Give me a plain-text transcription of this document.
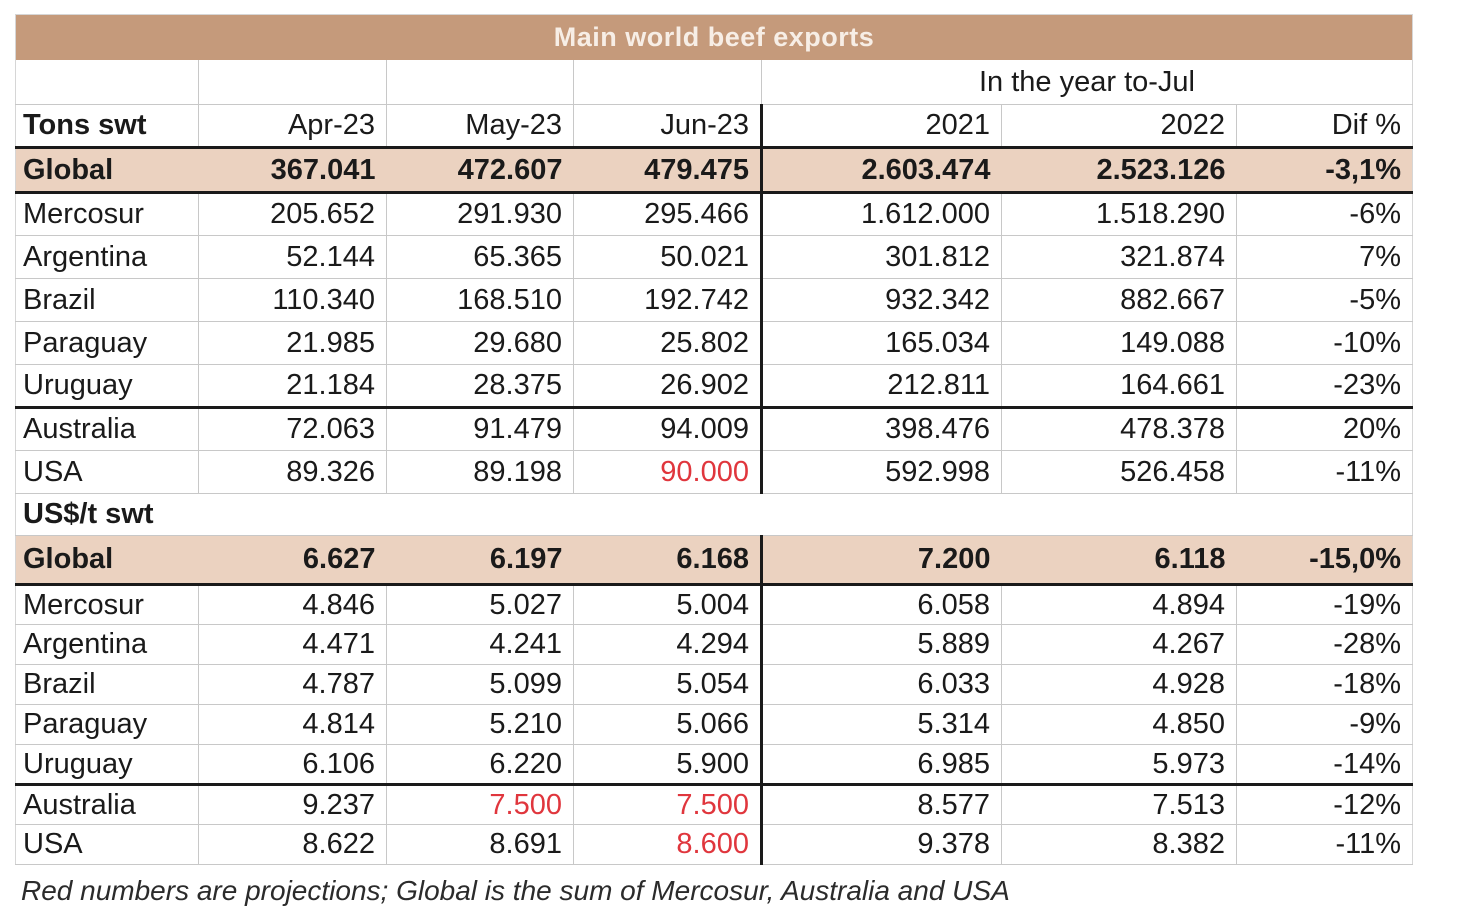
Main world beef exports						
				In the year to-Jul		
Tons swt	Apr-23	May-23	Jun-23	2021	2022	Dif %
Global	367.041	472.607	479.475	2.603.474	2.523.126	-3,1%
Mercosur	205.652	291.930	295.466	1.612.000	1.518.290	-6%
Argentina	52.144	65.365	50.021	301.812	321.874	7%
Brazil	110.340	168.510	192.742	932.342	882.667	-5%
Paraguay	21.985	29.680	25.802	165.034	149.088	-10%
Uruguay	21.184	28.375	26.902	212.811	164.661	-23%
Australia	72.063	91.479	94.009	398.476	478.378	20%
USA	89.326	89.198	90.000	592.998	526.458	-11%
US$/t swt						
Global	6.627	6.197	6.168	7.200	6.118	-15,0%
Mercosur	4.846	5.027	5.004	6.058	4.894	-19%
Argentina	4.471	4.241	4.294	5.889	4.267	-28%
Brazil	4.787	5.099	5.054	6.033	4.928	-18%
Paraguay	4.814	5.210	5.066	5.314	4.850	-9%
Uruguay	6.106	6.220	5.900	6.985	5.973	-14%
Australia	9.237	7.500	7.500	8.577	7.513	-12%
USA	8.622	8.691	8.600	9.378	8.382	-11%
Red numbers are projections; Global is the sum of Mercosur, Australia and USA
